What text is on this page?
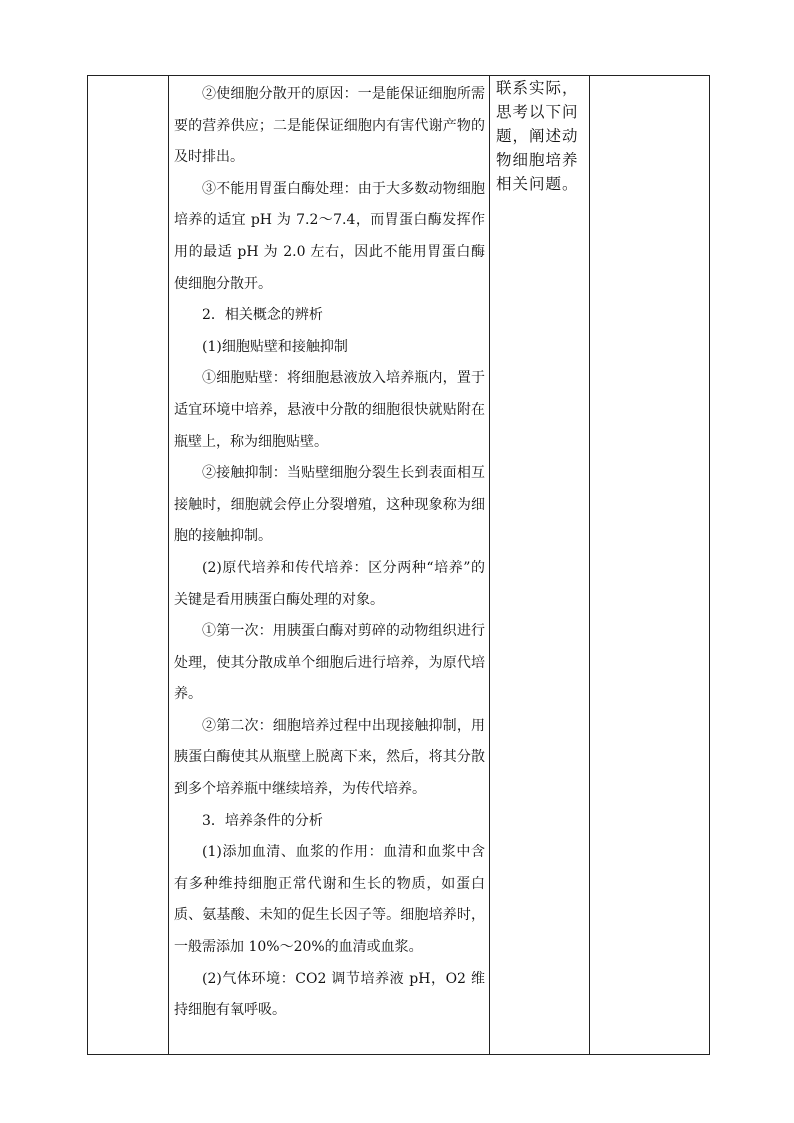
②使细胞分散开的原因：一是能保证细胞所需要的营养供应；二是能保证细胞内有害代谢产物的及时排出。

③不能用胃蛋白酶处理：由于大多数动物细胞培养的适宜 pH 为 7.2～7.4，而胃蛋白酶发挥作用的最适 pH 为 2.0 左右，因此不能用胃蛋白酶使细胞分散开。

2．相关概念的辨析

(1)细胞贴壁和接触抑制

①细胞贴壁：将细胞悬液放入培养瓶内，置于适宜环境中培养，悬液中分散的细胞很快就贴附在瓶壁上，称为细胞贴壁。

②接触抑制：当贴壁细胞分裂生长到表面相互接触时，细胞就会停止分裂增殖，这种现象称为细胞的接触抑制。

(2)原代培养和传代培养：区分两种“培养”的关键是看用胰蛋白酶处理的对象。

①第一次：用胰蛋白酶对剪碎的动物组织进行处理，使其分散成单个细胞后进行培养，为原代培养。

②第二次：细胞培养过程中出现接触抑制，用胰蛋白酶使其从瓶壁上脱离下来，然后，将其分散到多个培养瓶中继续培养，为传代培养。

3．培养条件的分析

(1)添加血清、血浆的作用：血清和血浆中含有多种维持细胞正常代谢和生长的物质，如蛋白质、氨基酸、未知的促生长因子等。细胞培养时，一般需添加 10%～20%的血清或血浆。

(2)气体环境：CO2 调节培养液 pH，O2 维持细胞有氧呼吸。

联系实际，思考以下问题，阐述动物细胞培养相关问题。
